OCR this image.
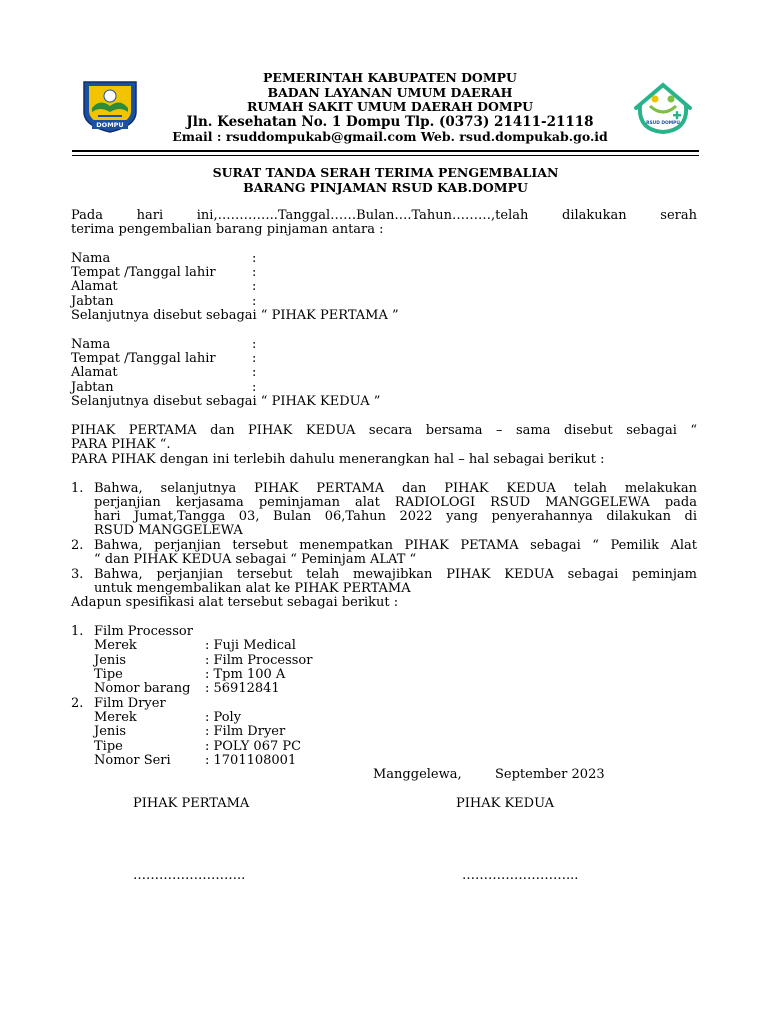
DOMPU	RSUD DOMPU
PEMERINTAH KABUPATEN DOMPU
BADAN LAYANAN UMUM DAERAH
RUMAH SAKIT UMUM DAERAH DOMPU
Jln. Kesehatan No. 1 Dompu Tlp. (0373) 21411-21118
Email : rsuddompukab@gmail.com Web. rsud.dompukab.go.id
SURAT TANDA SERAH TERIMA PENGEMBALIAN
BARANG PINJAMAN RSUD KAB.DOMPU
Pada hari ini,…………..Tanggal……Bulan….Tahun………,telah dilakukan serah
terima pengembalian barang pinjaman antara :
Nama	:
Tempat /Tanggal lahir	:
Alamat	:
Jabtan	:
Selanjutnya disebut sebagai “ PIHAK PERTAMA ”
Nama	:
Tempat /Tanggal lahir	:
Alamat	:
Jabtan	:
Selanjutnya disebut sebagai “ PIHAK KEDUA ”
PIHAK PERTAMA dan PIHAK KEDUA secara bersama – sama disebut sebagai “
PARA PIHAK “.
PARA PIHAK dengan ini terlebih dahulu menerangkan hal – hal sebagai berikut :
1. Bahwa, selanjutnya PIHAK PERTAMA dan PIHAK KEDUA telah melakukan
perjanjian kerjasama peminjaman alat RADIOLOGI RSUD MANGGELEWA pada
hari Jumat,Tangga 03, Bulan 06,Tahun 2022 yang penyerahannya dilakukan di
RSUD MANGGELEWA
2. Bahwa, perjanjian tersebut menempatkan PIHAK PETAMA sebagai “ Pemilik Alat
“ dan PIHAK KEDUA sebagai “ Peminjam ALAT “
3. Bahwa, perjanjian tersebut telah mewajibkan PIHAK KEDUA sebagai peminjam
untuk mengembalikan alat ke PIHAK PERTAMA
Adapun spesifikasi alat tersebut sebagai berikut :
1. Film Processor
Merek	: Fuji Medical
Jenis	: Film Processor
Tipe	: Tpm 100 A
Nomor barang : 56912841
2. Film Dryer
Merek	: Poly
Jenis	: Film Dryer
Tipe	: POLY 067 PC
Nomor Seri	: 1701108001
Manggelewa,	September 2023
PIHAK PERTAMA	PIHAK KEDUA
……………………..	……………………...
